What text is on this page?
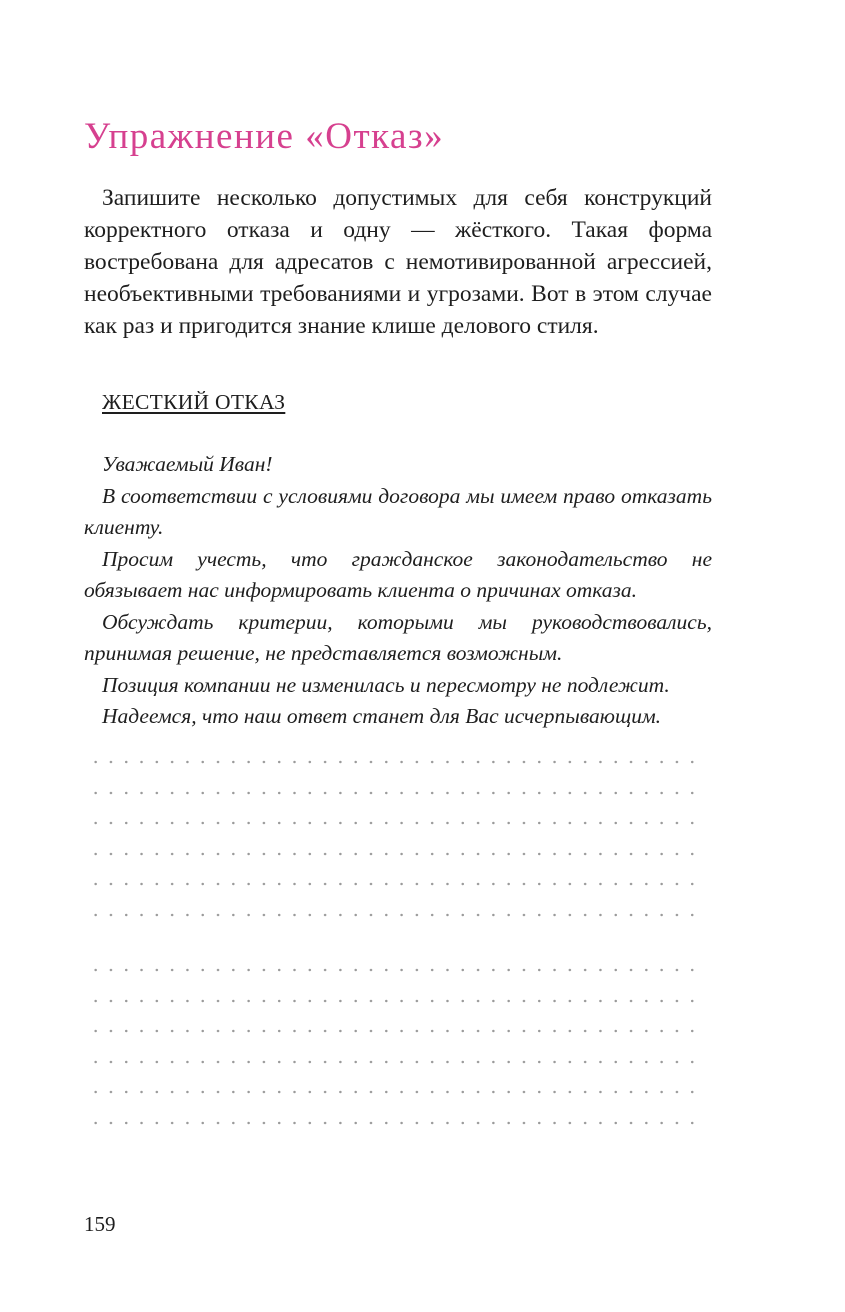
Упражнение «Отказ»

Запишите несколько допустимых для себя конструкций корректного отказа и одну — жёсткого. Такая форма востребована для адресатов с немотивированной агрессией, необъективными требованиями и угрозами. Вот в этом случае как раз и пригодится знание клише делового стиля.

ЖЕСТКИЙ ОТКАЗ

Уважаемый Иван!

В соответствии с условиями договора мы имеем право отказать клиенту.

Просим учесть, что гражданское законодательство не обязывает нас информировать клиента о причинах отказа.

Обсуждать критерии, которыми мы руководствовались, принимая решение, не представляется возможным.

Позиция компании не изменилась и пересмотру не подлежит.

Надеемся, что наш ответ станет для Вас исчерпывающим.

159
